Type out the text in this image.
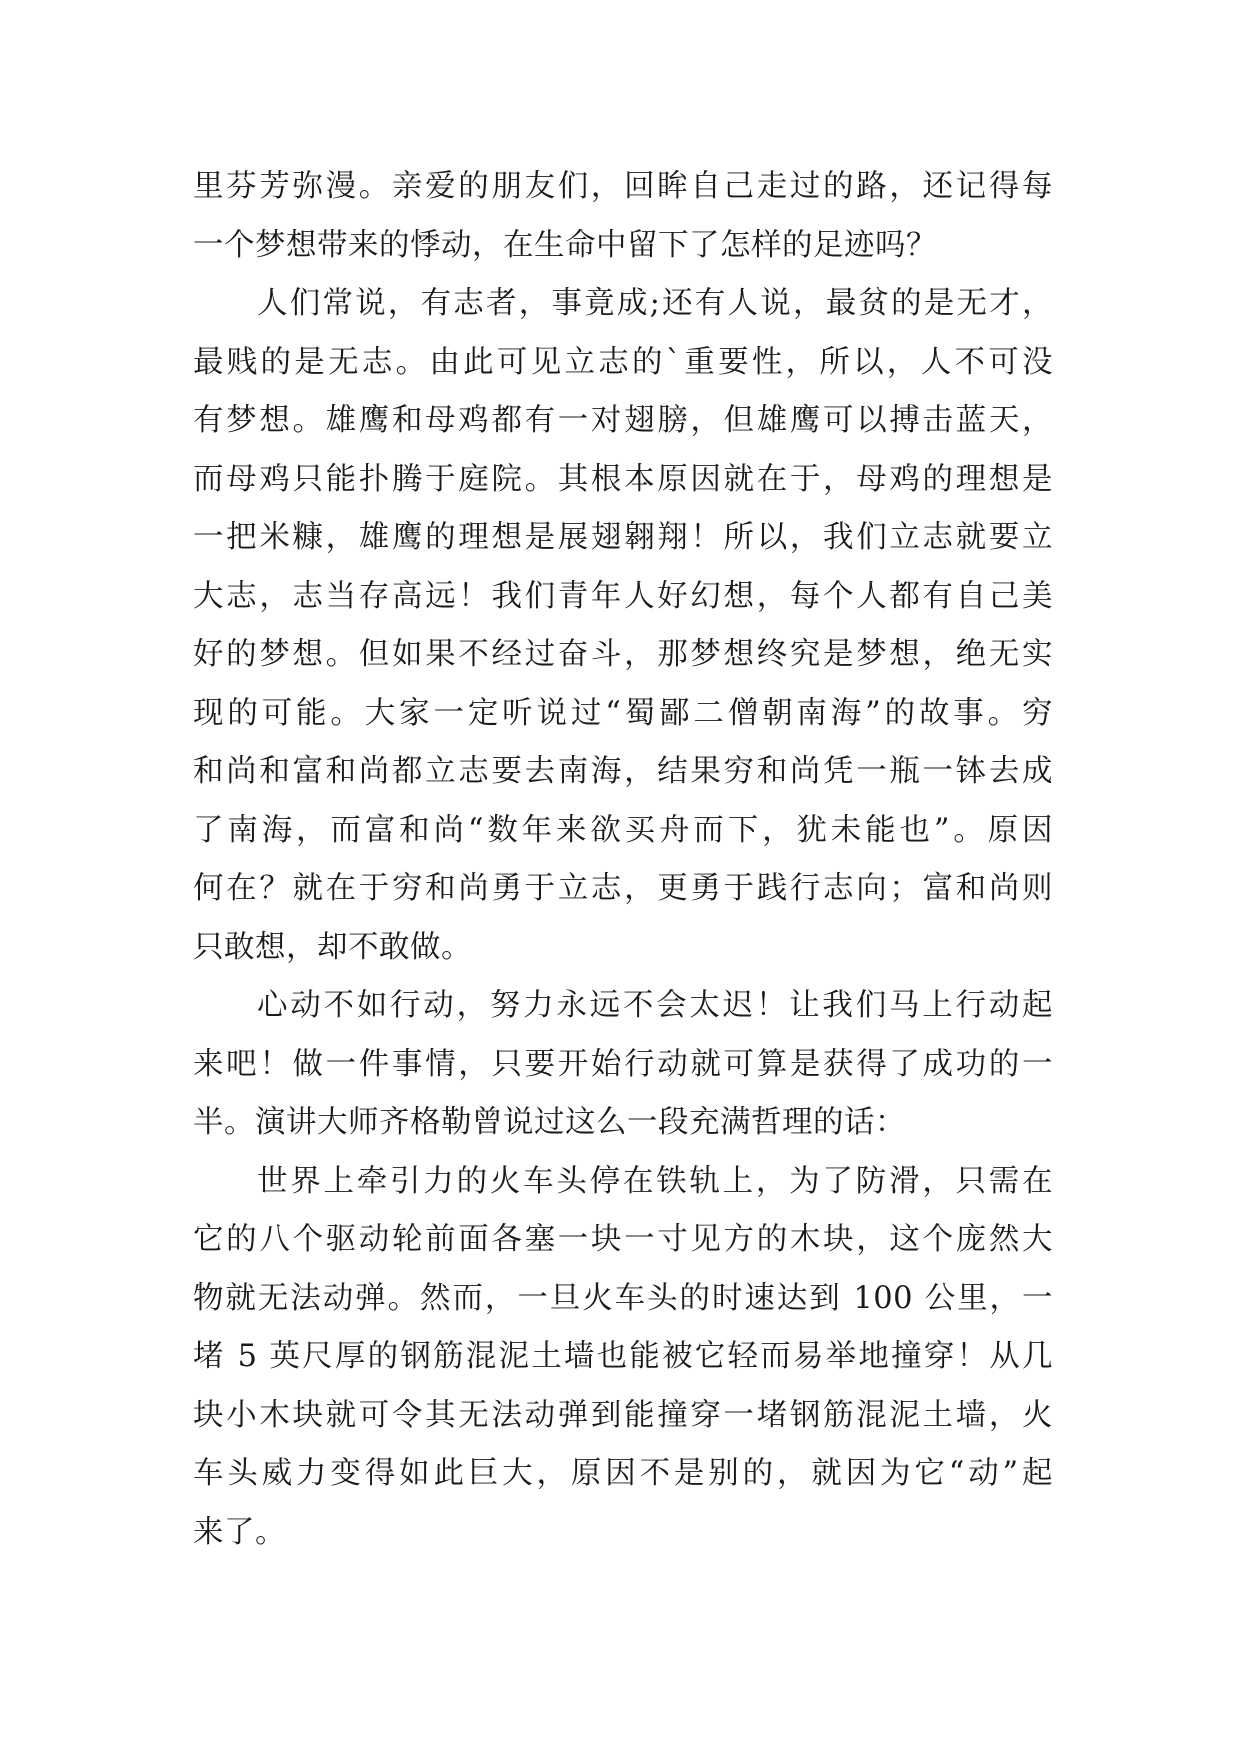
里芬芳弥漫。亲爱的朋友们，回眸自己走过的路，还记得每
一个梦想带来的悸动，在生命中留下了怎样的足迹吗？
人们常说，有志者，事竟成;还有人说，最贫的是无才，
最贱的是无志。由此可见立志的`重要性，所以，人不可没
有梦想。雄鹰和母鸡都有一对翅膀，但雄鹰可以搏击蓝天，
而母鸡只能扑腾于庭院。其根本原因就在于，母鸡的理想是
一把米糠，雄鹰的理想是展翅翱翔！所以，我们立志就要立
大志，志当存高远！我们青年人好幻想，每个人都有自己美
好的梦想。但如果不经过奋斗，那梦想终究是梦想，绝无实
现的可能。大家一定听说过“蜀鄙二僧朝南海”的故事。穷
和尚和富和尚都立志要去南海，结果穷和尚凭一瓶一钵去成
了南海，而富和尚“数年来欲买舟而下，犹未能也”。原因
何在？就在于穷和尚勇于立志，更勇于践行志向；富和尚则
只敢想，却不敢做。
心动不如行动，努力永远不会太迟！让我们马上行动起
来吧！做一件事情，只要开始行动就可算是获得了成功的一
半。演讲大师齐格勒曾说过这么一段充满哲理的话：
世界上牵引力的火车头停在铁轨上，为了防滑，只需在
它的八个驱动轮前面各塞一块一寸见方的木块，这个庞然大
物就无法动弹。然而，一旦火车头的时速达到 100 公里，一
堵 5 英尺厚的钢筋混泥土墙也能被它轻而易举地撞穿！从几
块小木块就可令其无法动弹到能撞穿一堵钢筋混泥土墙，火
车头威力变得如此巨大，原因不是别的，就因为它“动”起
来了。
